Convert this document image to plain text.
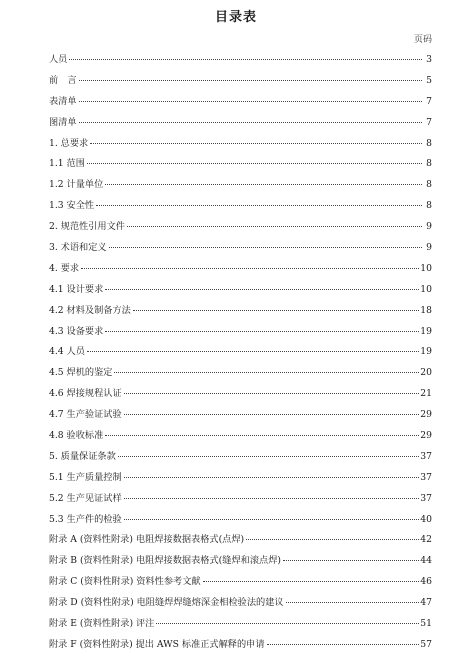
目录表
页码
人员	3
前　言	5
表清单	7
图清单	7
1. 总要求	8
1.1 范围	8
1.2 计量单位	8
1.3 安全性	8
2. 规范性引用文件	9
3. 术语和定义	9
4. 要求	10
4.1 设计要求	10
4.2 材料及制备方法	18
4.3 设备要求	19
4.4 人员	19
4.5 焊机的鉴定	20
4.6 焊接规程认证	21
4.7 生产验证试验	29
4.8 验收标准	29
5. 质量保证条款	37
5.1 生产质量控制	37
5.2 生产见证试样	37
5.3 生产件的检验	40
附录 A (资料性附录) 电阻焊接数据表格式(点焊)	42
附录 B (资料性附录) 电阻焊接数据表格式(缝焊和滚点焊)	44
附录 C (资料性附录) 资料性参考文献	46
附录 D (资料性附录) 电阻缝焊焊缝熔深金相检验法的建议	47
附录 E (资料性附录) 评注	51
附录 F (资料性附录) 提出 AWS 标准正式解释的申请	57
